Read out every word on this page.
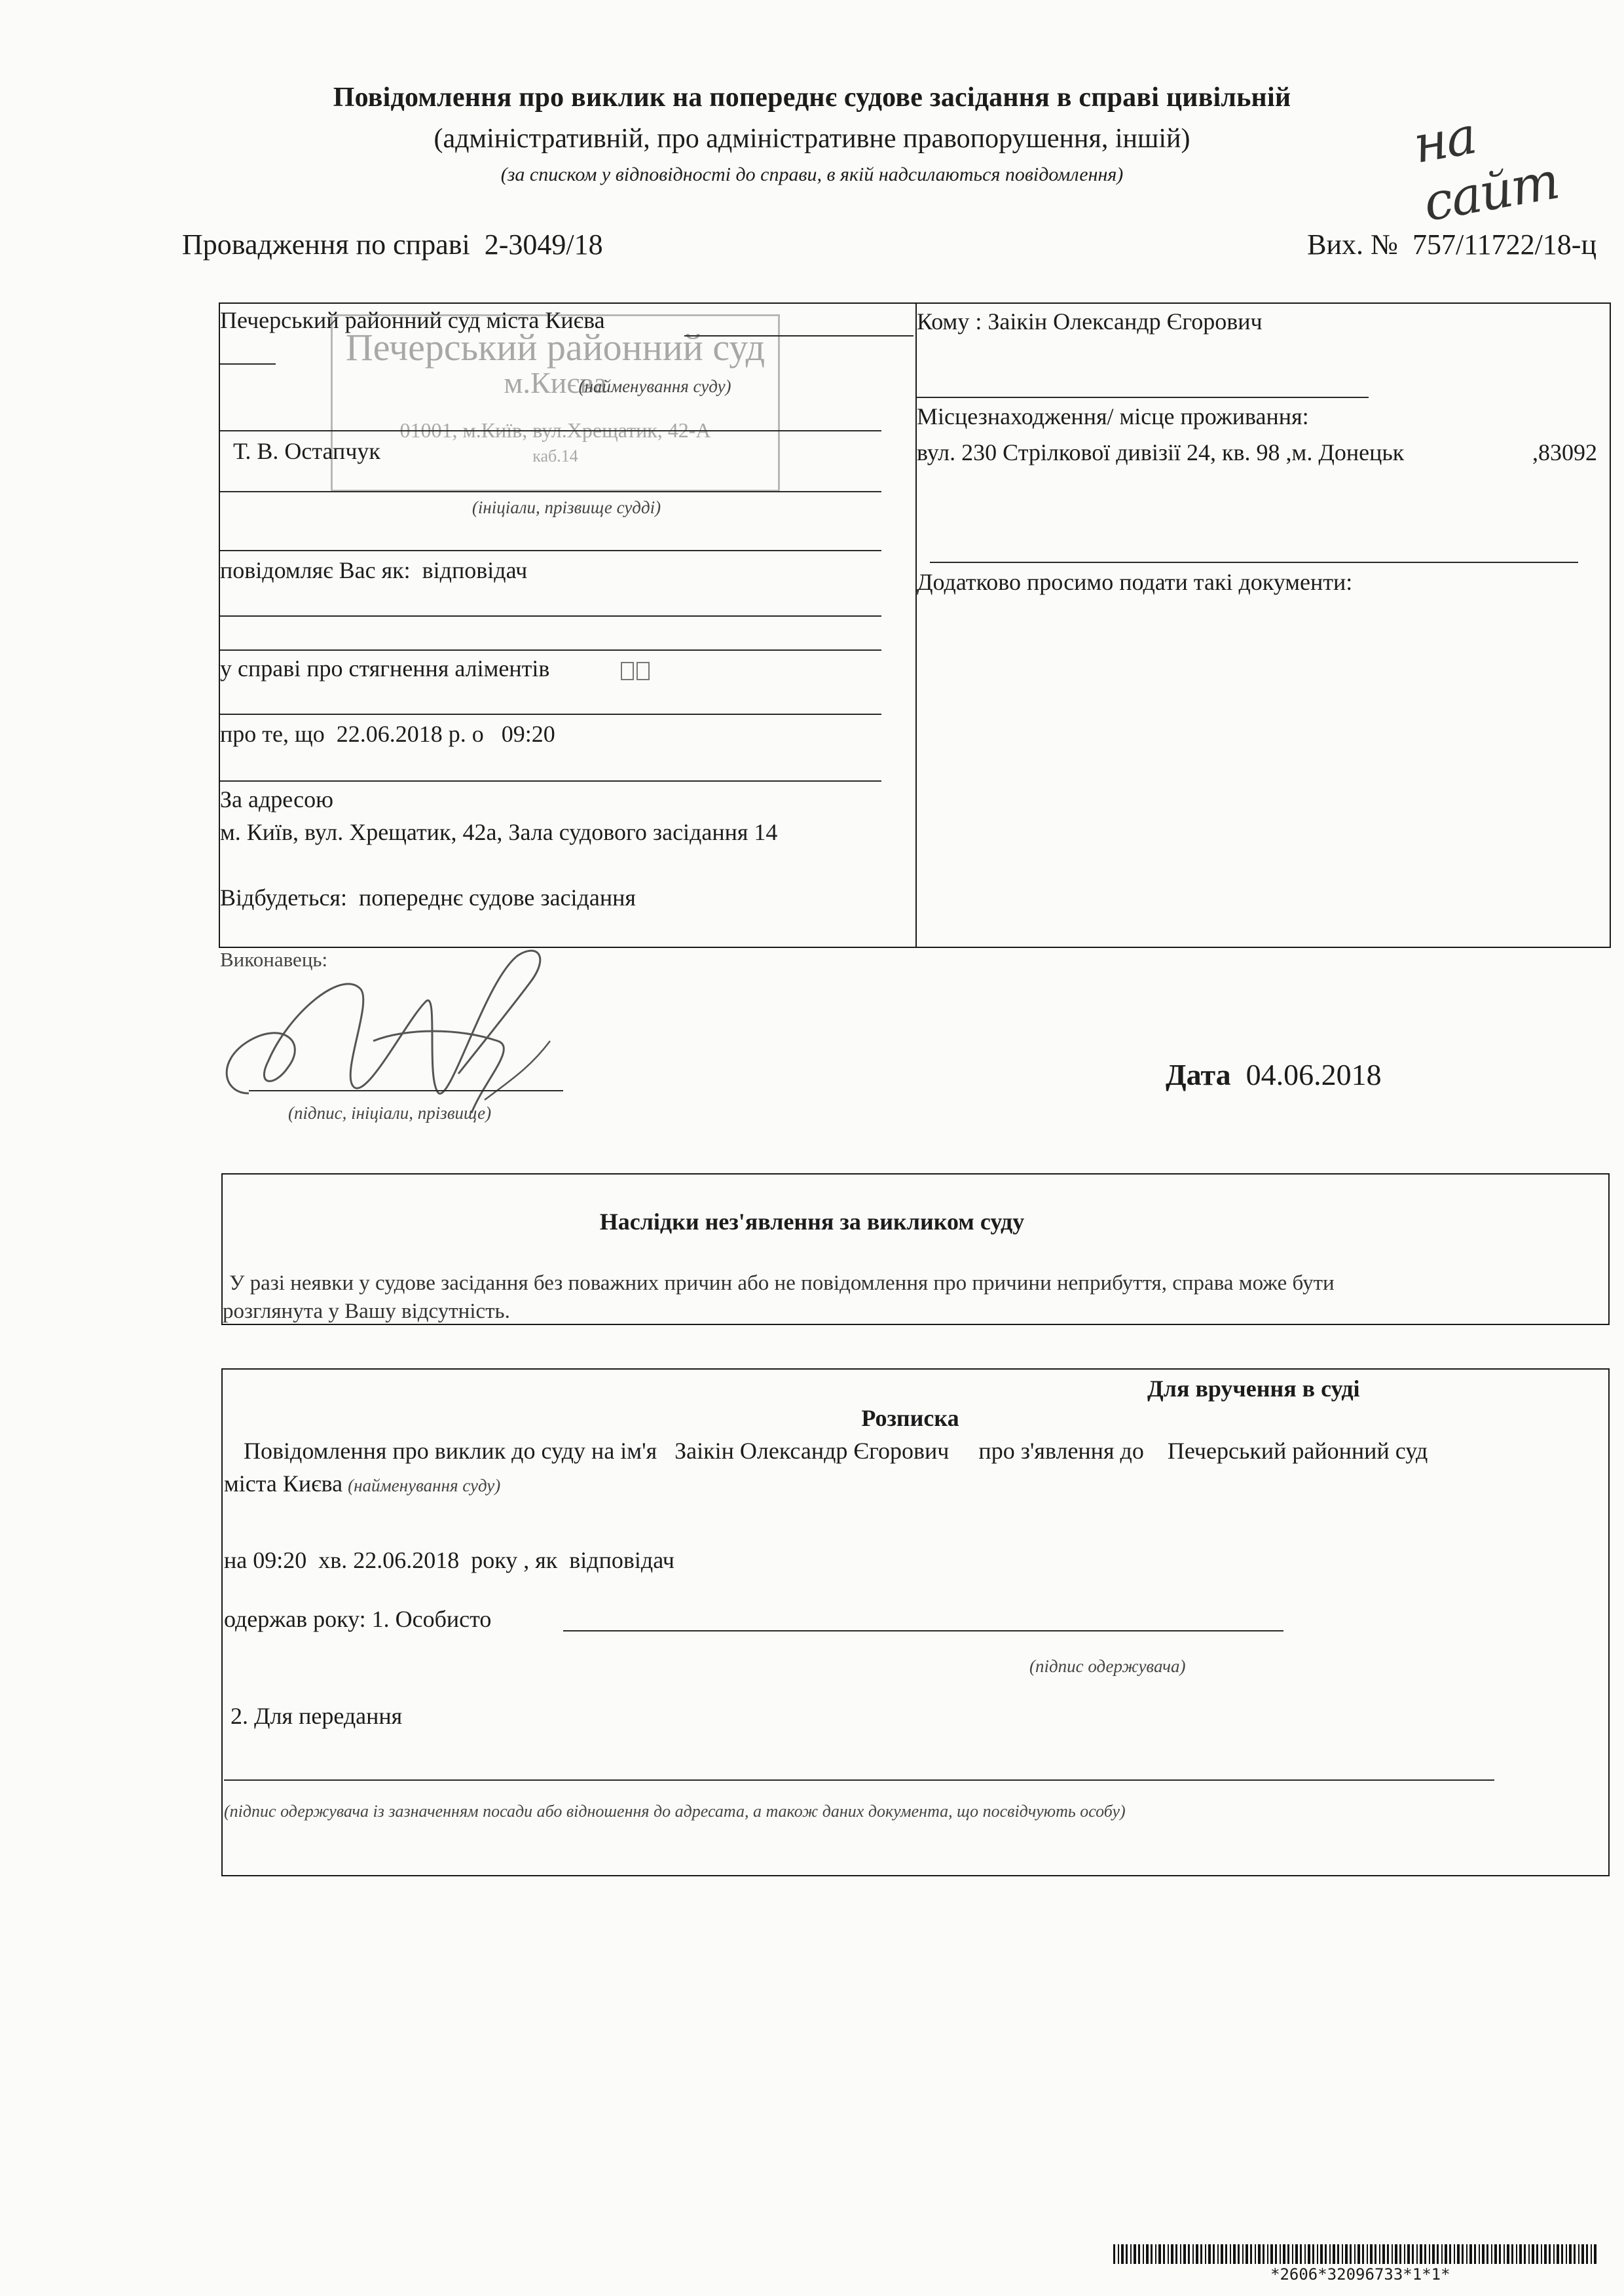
Повідомлення про виклик на попереднє судове засідання в справі цивільній
(адміністративній, про адміністративне правопорушення, іншій)
(за списком у відповідності до справи, в якій надсилаються повідомлення)	на сайт
Провадження по справі 2-3049/18	Вих. № 757/11722/18-ц
Печерський районний суд
м.Києва
01001, м.Київ, вул.Хрещатик, 42-А
каб.14
Печерський районний суд міста Києва
(найменування суду)
Т. В. Остапчук
(ініціали, прізвище судді)
повідомляє Вас як: відповідач
у справі про стягнення аліментів
про те, що 22.06.2018 р. о 09:20
За адресою
м. Київ, вул. Хрещатик, 42а, Зала судового засідання 14
Відбудеться: попереднє судове засідання
Кому : Заікін Олександр Єгорович
Місцезнаходження/ місце проживання:
вул. 230 Стрілкової дивізії 24, кв. 98 ,м. Донецьк	,83092
Додатково просимо подати такі документи:
Виконавець:
(підпис, ініціали, прізвище)
Дата 04.06.2018
Наслідки нез'явлення за викликом суду
У разі неявки у судове засідання без поважних причин або не повідомлення про причини неприбуття, справа може бути
розглянута у Вашу відсутність.
Для вручення в суді
Розписка
Повідомлення про виклик до суду на ім'я Заікін Олександр Єгорович про з'явлення до Печерський районний суд
міста Києва (найменування суду)
на 09:20 хв. 22.06.2018 року , як відповідач
одержав року: 1. Особисто
(підпис одержувача)
2. Для передання
(підпис одержувача із зазначенням посади або відношення до адресата, а також даних документа, що посвідчують особу)
*2606*32096733*1*1*
